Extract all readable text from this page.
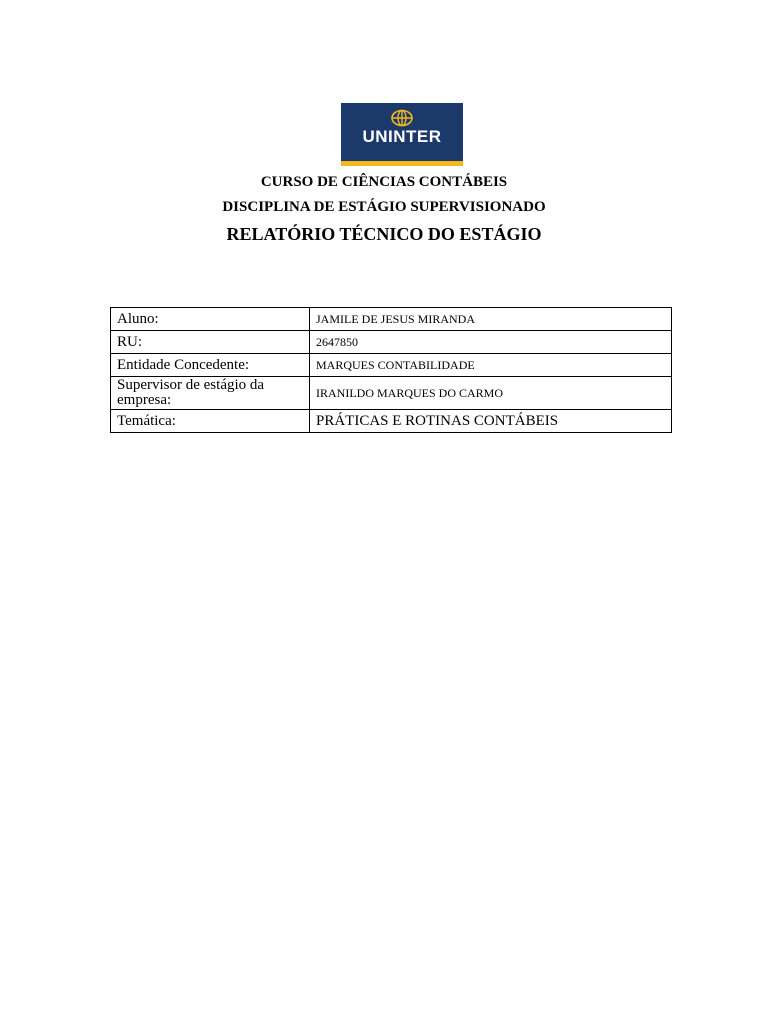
UNINTER
CURSO DE CIÊNCIAS CONTÁBEIS
DISCIPLINA DE ESTÁGIO SUPERVISIONADO
RELATÓRIO TÉCNICO DO ESTÁGIO
Aluno:	JAMILE DE JESUS MIRANDA
RU:	2647850
Entidade Concedente:	MARQUES CONTABILIDADE
Supervisor de estágio da empresa:	IRANILDO MARQUES DO CARMO
Temática:	PRÁTICAS E ROTINAS CONTÁBEIS
